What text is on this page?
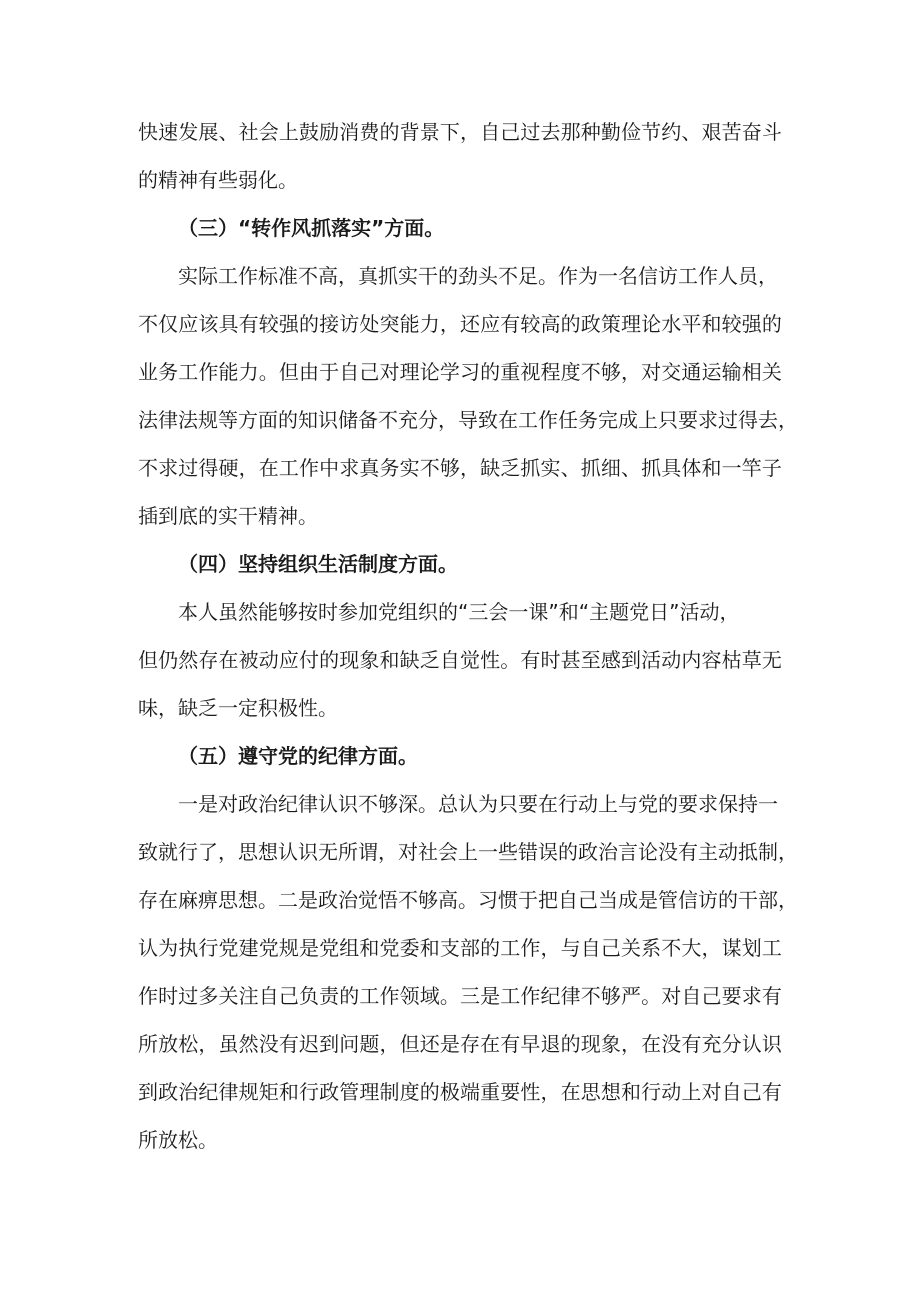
快 速 发 展 、 社 会 上 鼓 励 消 费 的 背 景 下 ， 自 己 过 去 那 种 勤 俭 节 约 、 艰 苦 奋 斗
的精神有些弱化。
（三）“转作风抓落实”方面。
实际工作标准不高，真抓实干的劲头不足。作为一名信访工作人员，
不 仅 应 该 具 有 较 强 的 接 访 处 突 能 力 ， 还 应 有 较 高 的 政 策 理 论 水 平 和 较 强 的
业 务 工 作 能 力 。 但 由 于 自 己 对 理 论 学 习 的 重 视 程 度 不 够 ， 对 交 通 运 输 相 关
法 律 法 规 等 方 面 的 知 识 储 备 不 充 分 ， 导 致 在 工 作 任 务 完 成 上 只 要 求 过 得 去 ，
不 求 过 得 硬 ， 在 工 作 中 求 真 务 实 不 够 ， 缺 乏 抓 实 、 抓 细 、 抓 具 体 和 一 竿 子
插到底的实干精神。
（四）坚持组织生活制度方面。
本人虽然能够按时参加党组织的“三会一课”和“主题党日”活动，
但 仍 然 存 在 被 动 应 付 的 现 象 和 缺 乏 自 觉 性 。 有 时 甚 至 感 到 活 动 内 容 枯 草 无
味，缺乏一定积极性。
（五）遵守党的纪律方面。
一是对政治纪律认识不够深。总认为只要在行动上与党的要求保持一
致 就 行 了 ， 思 想 认 识 无 所 谓 ， 对 社 会 上 一 些 错 误 的 政 治 言 论 没 有 主 动 抵 制 ，
存 在 麻 痹 思 想 。 二 是 政 治 觉 悟 不 够 高 。 习 惯 于 把 自 己 当 成 是 管 信 访 的 干 部 ，
认 为 执 行 党 建 党 规 是 党 组 和 党 委 和 支 部 的 工 作 ， 与 自 己 关 系 不 大 ， 谋 划 工
作 时 过 多 关 注 自 己 负 责 的 工 作 领 域 。 三 是 工 作 纪 律 不 够 严 。 对 自 己 要 求 有
所 放 松 ， 虽 然 没 有 迟 到 问 题 ， 但 还 是 存 在 有 早 退 的 现 象 ， 在 没 有 充 分 认 识
到 政 治 纪 律 规 矩 和 行 政 管 理 制 度 的 极 端 重 要 性 ， 在 思 想 和 行 动 上 对 自 己 有
所放松。
